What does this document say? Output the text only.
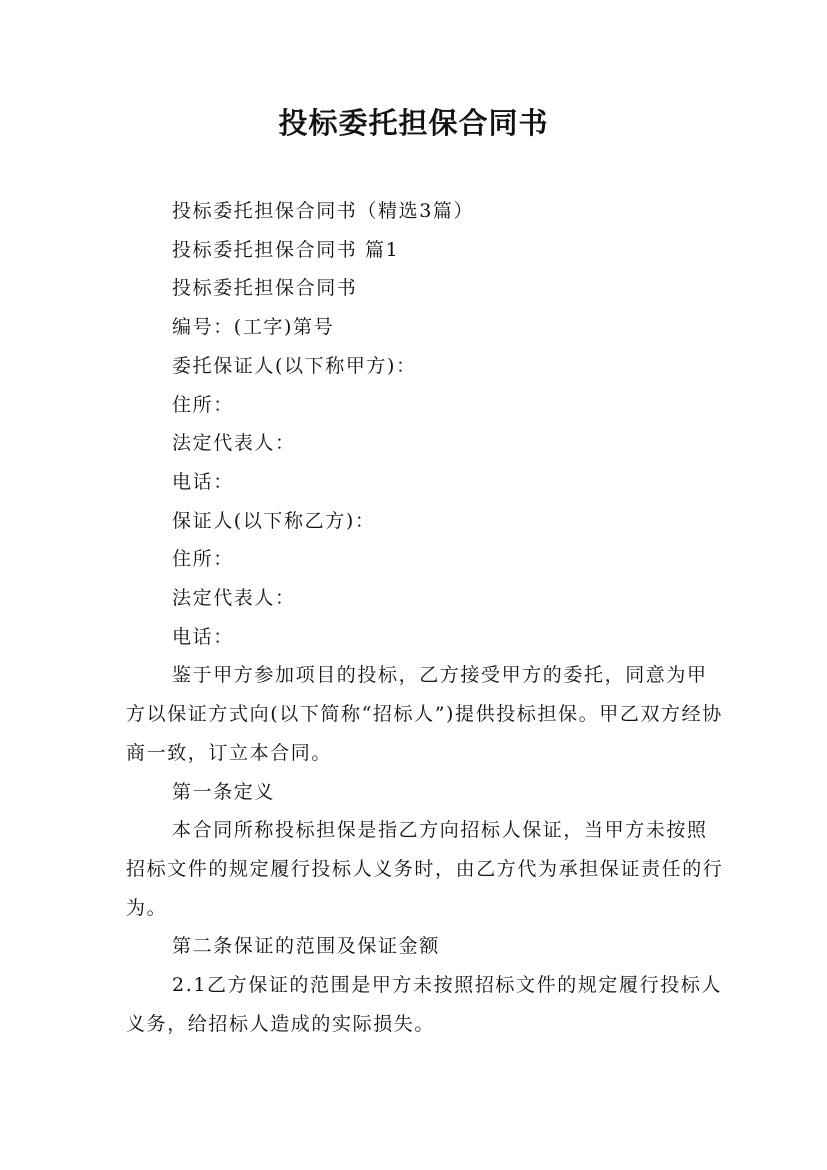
投标委托担保合同书

投标委托担保合同书（精选3篇）

投标委托担保合同书 篇1

投标委托担保合同书

编号：(工字)第号

委托保证人(以下称甲方)：

住所：

法定代表人：

电话：

保证人(以下称乙方)：

住所：

法定代表人：

电话：

鉴于甲方参加项目的投标，乙方接受甲方的委托，同意为甲方以保证方式向(以下简称“招标人”)提供投标担保。甲乙双方经协商一致，订立本合同。

第一条定义

本合同所称投标担保是指乙方向招标人保证，当甲方未按照招标文件的规定履行投标人义务时，由乙方代为承担保证责任的行为。

第二条保证的范围及保证金额

2.1乙方保证的范围是甲方未按照招标文件的规定履行投标人义务，给招标人造成的实际损失。
